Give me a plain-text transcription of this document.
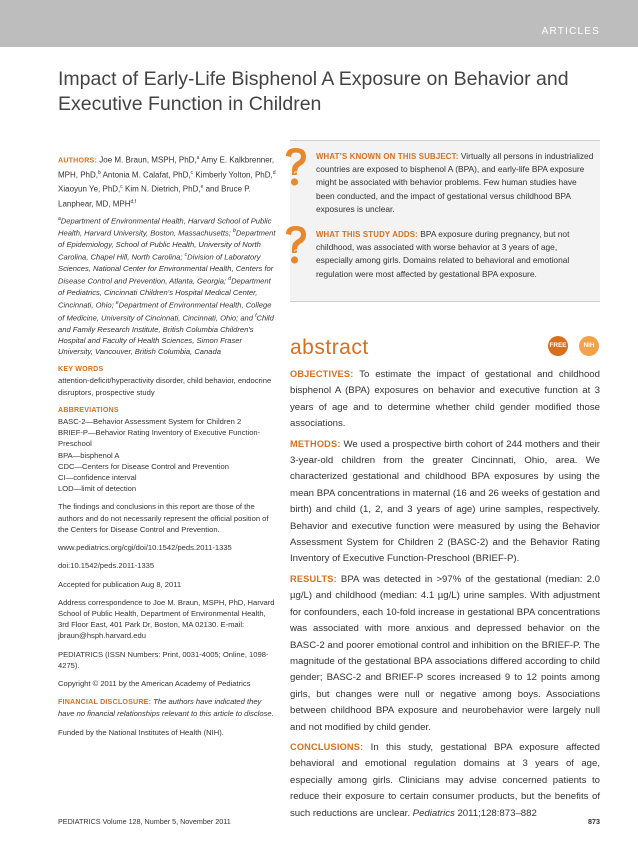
ARTICLES
Impact of Early-Life Bisphenol A Exposure on Behavior and Executive Function in Children

AUTHORS: Joe M. Braun, MSPH, PhD,$^a$ Amy E. Kalkbrenner, MPH, PhD,$^b$ Antonia M. Calafat, PhD,$^c$ Kimberly Yolton, PhD,$^d$ Xiaoyun Ye, PhD,$^c$ Kim N. Dietrich, PhD,$^e$ and Bruce P. Lanphear, MD, MPH$^{d,f}$

$^a$Department of Environmental Health, Harvard School of Public Health, Harvard University, Boston, Massachusetts; $^b$Department of Epidemiology, School of Public Health, University of North Carolina, Chapel Hill, North Carolina; $^c$Division of Laboratory Sciences, National Center for Environmental Health, Centers for Disease Control and Prevention, Atlanta, Georgia; $^d$Department of Pediatrics, Cincinnati Children's Hospital Medical Center, Cincinnati, Ohio; $^e$Department of Environmental Health, College of Medicine, University of Cincinnati, Cincinnati, Ohio; and $^f$Child and Family Research Institute, British Columbia Children's Hospital and Faculty of Health Sciences, Simon Fraser University, Vancouver, British Columbia, Canada

KEY WORDS

attention-deficit/hyperactivity disorder, child behavior, endocrine disruptors, prospective study

ABBREVIATIONS

BASC-2—Behavior Assessment System for Children 2

BRIEF-P—Behavior Rating Inventory of Executive Function-Preschool

BPA—bisphenol A

CDC—Centers for Disease Control and Prevention

CI—confidence interval

LOD—limit of detection

The findings and conclusions in this report are those of the authors and do not necessarily represent the official position of the Centers for Disease Control and Prevention.

www.pediatrics.org/cgi/doi/10.1542/peds.2011-1335

doi:10.1542/peds.2011-1335

Accepted for publication Aug 8, 2011

Address correspondence to Joe M. Braun, MSPH, PhD, Harvard School of Public Health, Department of Environmental Health, 3rd Floor East, 401 Park Dr, Boston, MA 02130. E-mail: jbraun@hsph.harvard.edu

PEDIATRICS (ISSN Numbers: Print, 0031-4005; Online, 1098-4275).

Copyright © 2011 by the American Academy of Pediatrics

FINANCIAL DISCLOSURE: The authors have indicated they have no financial relationships relevant to this article to disclose.

Funded by the National Institutes of Health (NIH).

?
?
WHAT’S KNOWN ON THIS SUBJECT: Virtually all persons in industrialized countries are exposed to bisphenol A (BPA), and early-life BPA exposure might be associated with behavior problems. Few human studies have been conducted, and the impact of gestational versus childhood BPA exposures is unclear.
WHAT THIS STUDY ADDS: BPA exposure during pregnancy, but not childhood, was associated with worse behavior at 3 years of age, especially among girls. Domains related to behavioral and emotional regulation were most affected by gestational BPA exposure.
abstract	FREE	NIH

OBJECTIVES: To estimate the impact of gestational and childhood bisphenol A (BPA) exposures on behavior and executive function at 3 years of age and to determine whether child gender modified those associations.

METHODS: We used a prospective birth cohort of 244 mothers and their 3-year-old children from the greater Cincinnati, Ohio, area. We characterized gestational and childhood BPA exposures by using the mean BPA concentrations in maternal (16 and 26 weeks of gestation and birth) and child (1, 2, and 3 years of age) urine samples, respectively. Behavior and executive function were measured by using the Behavior Assessment System for Children 2 (BASC-2) and the Behavior Rating Inventory of Executive Function-Preschool (BRIEF-P).

RESULTS: BPA was detected in >97% of the gestational (median: 2.0 µg/L) and childhood (median: 4.1 µg/L) urine samples. With adjustment for confounders, each 10-fold increase in gestational BPA concentrations was associated with more anxious and depressed behavior on the BASC-2 and poorer emotional control and inhibition on the BRIEF-P. The magnitude of the gestational BPA associations differed according to child gender; BASC-2 and BRIEF-P scores increased 9 to 12 points among girls, but changes were null or negative among boys. Associations between childhood BPA exposure and neurobehavior were largely null and not modified by child gender.

CONCLUSIONS: In this study, gestational BPA exposure affected behavioral and emotional regulation domains at 3 years of age, especially among girls. Clinicians may advise concerned patients to reduce their exposure to certain consumer products, but the benefits of such reductions are unclear. Pediatrics 2011;128:873–882

PEDIATRICS Volume 128, Number 5, November 2011	873
